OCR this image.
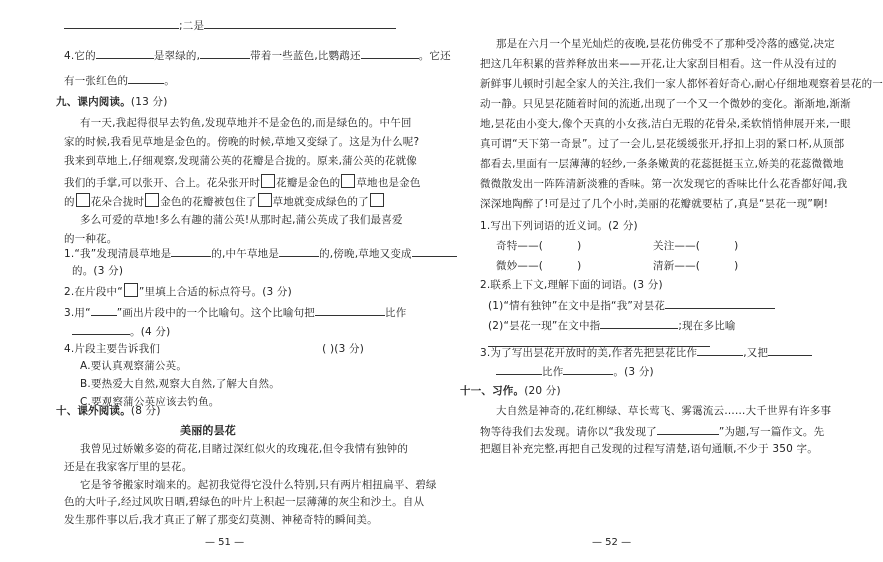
;二是
4.它的	是翠绿的,	带着一些蓝色,比鹦鹉还	。它还
有一张红色的	。
九、课内阅读。(13 分)
有一天,我起得很早去钓鱼,发现草地并不是金色的,而是绿色的。中午回
家的时候,我看见草地是金色的。傍晚的时候,草地又变绿了。这是为什么呢?
我来到草地上,仔细观察,发现蒲公英的花瓣是合拢的。原来,蒲公英的花就像
我们的手掌,可以张开、合上。花朵张开时 花瓣是金色的 草地也是金色
的 花朵合拢时 金色的花瓣被包住了 草地就变成绿色的了
多么可爱的草地!多么有趣的蒲公英!从那时起,蒲公英成了我们最喜爱
的一种花。
1.“我”发现清晨草地是	的,中午草地是	的,傍晚,草地又变成
的。(3 分)
2.在片段中“ ”里填上合适的标点符号。(3 分)
3.用“ ”画出片段中的一个比喻句。这个比喻句把	比作
。(4 分)
4.片段主要告诉我们	( )(3 分)
A.要认真观察蒲公英。
B.要热爱大自然,观察大自然,了解大自然。
C.要观察蒲公英应该去钓鱼。
十、课外阅读。(8 分)
美丽的昙花
我曾见过娇嫩多姿的荷花,目睹过深红似火的玫瑰花,但令我情有独钟的
还是在我家客厅里的昙花。
它是爷爷搬家时端来的。起初我觉得它没什么特别,只有两片相扭扁平、碧绿
色的大叶子,经过风吹日晒,碧绿色的叶片上积起一层薄薄的灰尘和沙土。自从
发生那件事以后,我才真正了解了那变幻莫测、神秘奇特的瞬间美。
— 51 —
那是在六月一个星光灿烂的夜晚,昙花仿佛受不了那种受冷落的感觉,决定
把这几年积累的营养释放出来——开花,让大家刮目相看。这一件从没有过的
新鲜事儿顿时引起全家人的关注,我们一家人都怀着好奇心,耐心仔细地观察着昙花的一
动一静。只见昙花随着时间的流逝,出现了一个又一个微妙的变化。渐渐地,渐渐
地,昙花由小变大,像个天真的小女孩,洁白无瑕的花骨朵,柔软悄悄伸展开来,一眼
真可谓“天下第一奇景”。过了一会儿,昙花缓缓张开,抒扣上羽的紧口杯,从顶部
都看去,里面有一层薄薄的轻纱,一条条嫩黄的花蕊挺挺玉立,娇美的花蕊微微地
微微散发出一阵阵清新淡雅的香味。第一次发现它的香味比什么花香都好闻,我
深深地陶醉了!可是过了几个小时,美丽的花瓣就要枯了,真是“昙花一现”啊!
1.写出下列词语的近义词。(2 分)
奇特——(	)	关注——(	)
微妙——(	)	清新——(	)
2.联系上下文,理解下面的词语。(3 分)
(1)“情有独钟”在文中是指“我”对昙花
(2)“昙花一现”在文中指	;现在多比喻
3.为了写出昙花开放时的美,作者先把昙花比作	,又把
比作	。(3 分)
十一、习作。(20 分)
大自然是神奇的,花红柳绿、草长莺飞、雾霭流云……大千世界有许多事
物等待我们去发现。请你以“我发现了	”为题,写一篇作文。先
把题目补充完整,再把自己发现的过程写清楚,语句通顺,不少于 350 字。
— 52 —
